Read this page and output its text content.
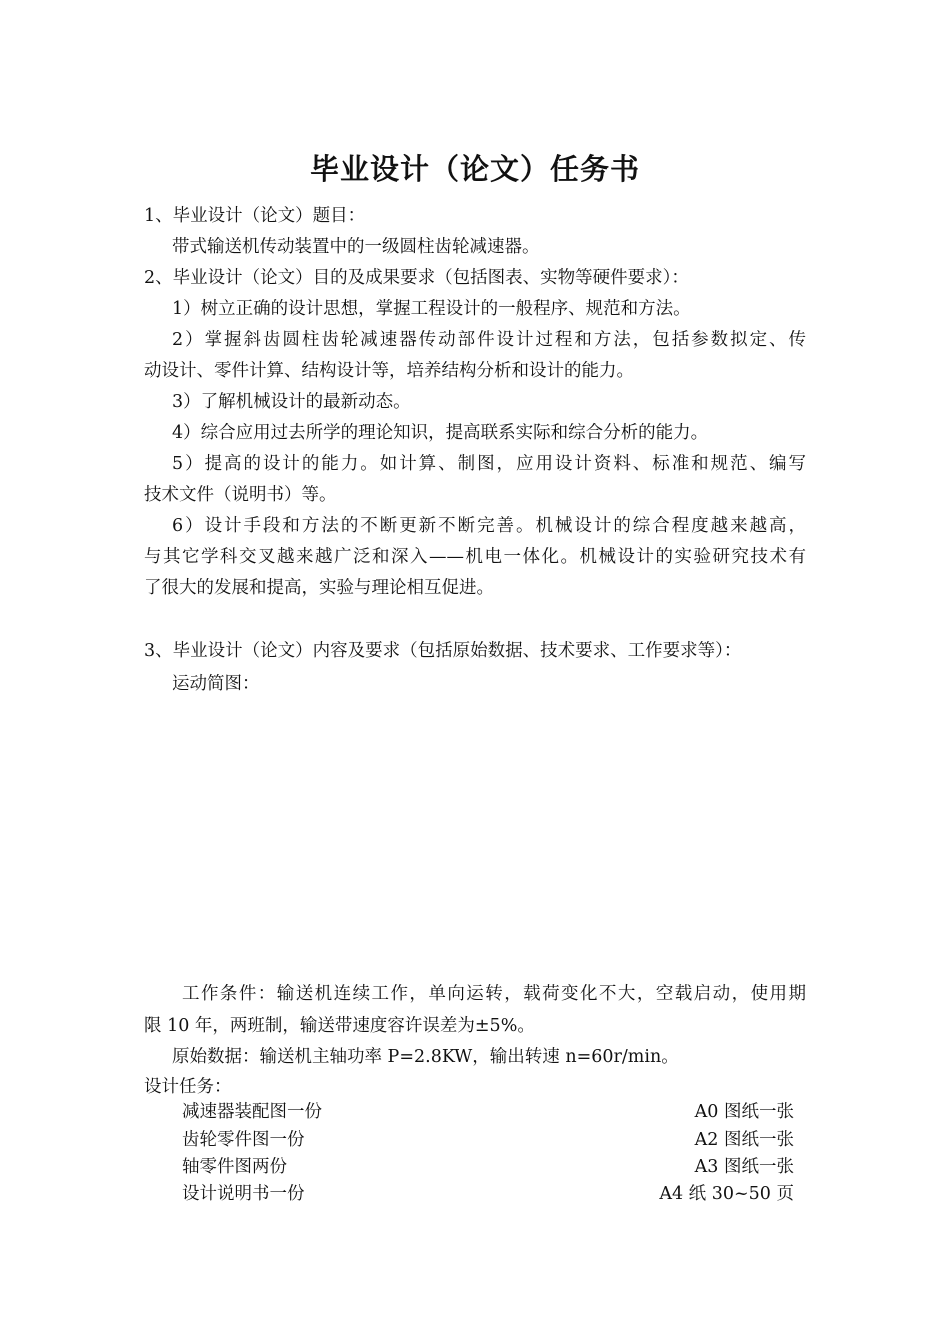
毕业设计（论文）任务书
1、毕业设计（论文）题目：
带式输送机传动装置中的一级圆柱齿轮减速器。
2、毕业设计（论文）目的及成果要求（包括图表、实物等硬件要求）：
1）树立正确的设计思想，掌握工程设计的一般程序、规范和方法。
2）掌握斜齿圆柱齿轮减速器传动部件设计过程和方法，包括参数拟定、传
动设计、零件计算、结构设计等，培养结构分析和设计的能力。
3）了解机械设计的最新动态。
4）综合应用过去所学的理论知识，提高联系实际和综合分析的能力。
5）提高的设计的能力。如计算、制图，应用设计资料、标准和规范、编写
技术文件（说明书）等。
6）设计手段和方法的不断更新不断完善。机械设计的综合程度越来越高，
与其它学科交叉越来越广泛和深入——机电一体化。机械设计的实验研究技术有
了很大的发展和提高，实验与理论相互促进。
3、毕业设计（论文）内容及要求（包括原始数据、技术要求、工作要求等）：
运动简图：
工作条件：输送机连续工作，单向运转，载荷变化不大，空载启动，使用期
限 10 年，两班制，输送带速度容许误差为±5%。
原始数据：输送机主轴功率 P=2.8KW，输出转速 n=60r/min。
设计任务：
减速器装配图一份	A0 图纸一张
齿轮零件图一份	A2 图纸一张
轴零件图两份	A3 图纸一张
设计说明书一份	A4 纸 30~50 页
